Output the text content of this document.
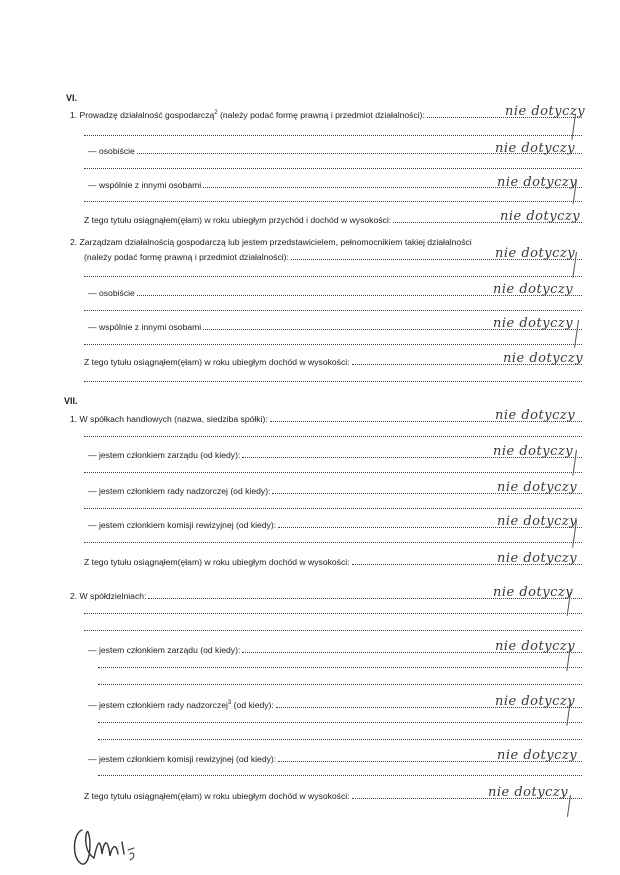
VI.
1. Prowadzę działalność gospodarczą$^2$ (należy podać formę prawną i przedmiot działalności):	nie dotyczy
— osobiście	nie dotyczy
— wspólnie z innymi osobami	nie dotyczy
Z tego tytułu osiągnąłem(ęłam) w roku ubiegłym przychód i dochód w wysokości:	nie dotyczy
2. Zarządzam działalnością gospodarczą lub jestem przedstawicielem, pełnomocnikiem takiej działalności
(należy podać formę prawną i przedmiot działalności):	nie dotyczy
— osobiście	nie dotyczy
— wspólnie z innymi osobami	nie dotyczy
Z tego tytułu osiągnąłem(ęłam) w roku ubiegłym dochód w wysokości:	nie dotyczy
VII.
1. W spółkach handlowych (nazwa, siedziba spółki):	nie dotyczy
— jestem członkiem zarządu (od kiedy):	nie dotyczy
— jestem członkiem rady nadzorczej (od kiedy):	nie dotyczy
— jestem członkiem komisji rewizyjnej (od kiedy):	nie dotyczy
Z tego tytułu osiągnąłem(ęłam) w roku ubiegłym dochód w wysokości:	nie dotyczy
2. W spółdzielniach:	nie dotyczy
— jestem członkiem zarządu (od kiedy):	nie dotyczy
— jestem członkiem rady nadzorczej$^3$ (od kiedy):	nie dotyczy
— jestem członkiem komisji rewizyjnej (od kiedy):	nie dotyczy
Z tego tytułu osiągnąłem(ęłam) w roku ubiegłym dochód w wysokości:	nie dotyczy
